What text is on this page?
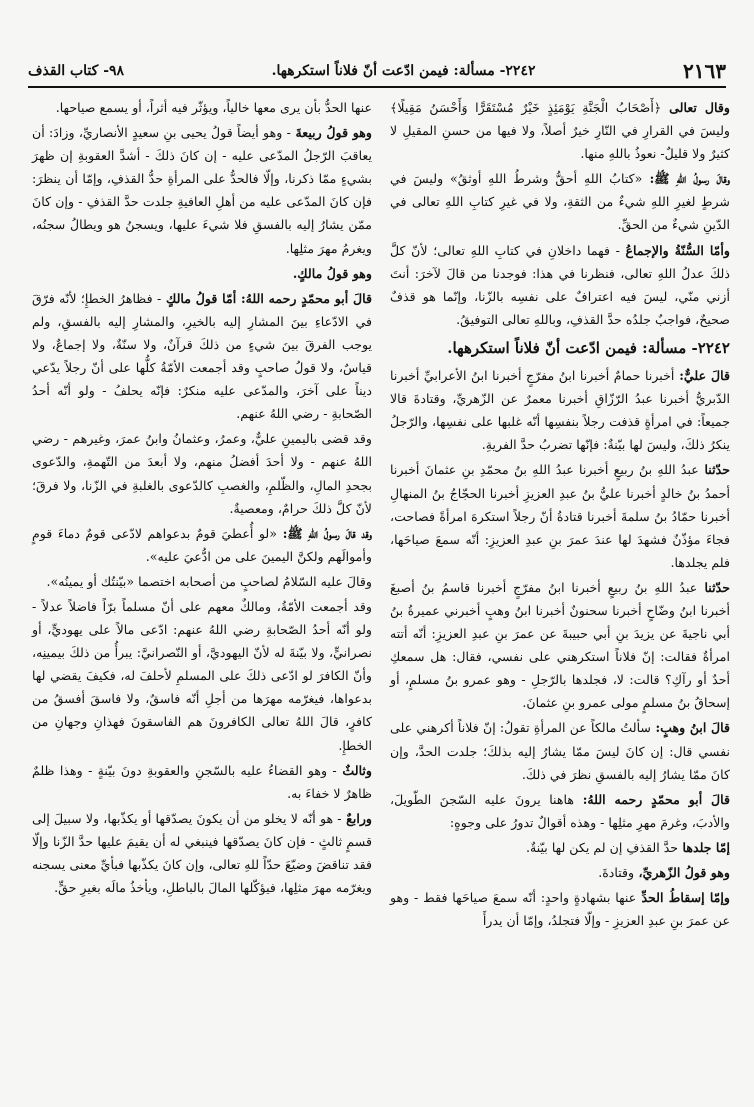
٢١٦٣
٢٢٤٢- مسألة: فيمن ادّعت أنّ فلاناً استكرهها.
٩٨- كتاب القذف

وقال تعالى ﴿أَصْحَابُ الْجَنَّةِ يَوْمَئِذٍ خَيْرٌ مُسْتَقَرًّا وَأَحْسَنُ مَقِيلًا﴾ وليسَ في القرارِ في النّارِ خيرٌ أصلاً، ولا فيها من حسنِ المقيلِ لا كثيرٌ ولا قليلٌ- نعوذُ باللهِ منها.

وقالَ رسولُ اللهِ ﷺ: «كتابُ اللهِ أحقُّ وشرطُ اللهِ أوثقُ» وليسَ في شرطٍ لغيرِ اللهِ شيءٌ من الثقةِ، ولا في غيرِ كتابِ اللهِ تعالى في الدّينِ شيءٌ من الحقِّ.

وأمّا السُّنّةُ والإجماعُ - فهما داخلانِ في كتابِ اللهِ تعالى؛ لأنّ كلَّ ذلكَ عدلُ اللهِ تعالى، فنظرنا في هذا: فوجدنا من قالَ لآخرَ: أنتَ أزني منّي، ليسَ فيه اعترافٌ على نفسِه بالزّنا، وإنّما هو قذفٌ صحيحٌ، فواجبٌ جلدُه حدَّ القذفِ، وباللهِ تعالى التوفيقُ.

٢٢٤٢- مسألة: فيمن ادّعت أنّ فلاناً استكرهها.

قالَ عليٌّ: أخبرنا حمامٌ أخبرنا ابنُ مفرّجٍ أخبرنا ابنُ الأعرابيِّ أخبرنا الدّبريُّ أخبرنا عبدُ الرّزّاقِ أخبرنا معمرٌ عن الزّهريِّ، وقتادةَ قالا جميعاً: في امرأةٍ قذفت رجلاً بنفسِها أنّه غلبها على نفسِها، والرّجلُ ينكرُ ذلكَ، وليسَ لها بيّنةٌ: فإنّها تضربُ حدَّ الفريةِ.

حدّثنا عبدُ اللهِ بنُ ربيعٍ أخبرنا عبدُ اللهِ بنُ محمّدِ بنِ عثمانَ أخبرنا أحمدُ بنُ خالدٍ أخبرنا عليُّ بنُ عبدِ العزيزِ أخبرنا الحجّاجُ بنُ المنهالِ أخبرنا حمّادُ بنُ سلمةَ أخبرنا قتادةُ أنّ رجلاً استكرهَ امرأةً فصاحت، فجاءَ مؤذّنٌ فشهدَ لها عندَ عمرَ بنِ عبدِ العزيزِ: أنّه سمعَ صياحَها، فلم يجلدها.

حدّثنا عبدُ اللهِ بنُ ربيعٍ أخبرنا ابنُ مفرّجٍ أخبرنا قاسمُ بنُ أصبغَ أخبرنا ابنُ وضّاحٍ أخبرنا سحنونٌ أخبرنا ابنُ وهبٍ أخبرني عميرةُ بنُ أبي ناجيةَ عن يزيدَ بنِ أبي حبيبةَ عن عمرَ بنِ عبدِ العزيزِ: أنّه أتته امرأةٌ فقالت: إنّ فلاناً استكرهني على نفسي، فقال: هل سمعكِ أحدٌ أو رآكِ؟ قالت: لا، فجلدها بالرّجلِ - وهو عمرو بنُ مسلمٍ، أو إسحاقُ بنُ مسلمٍ مولى عمرو بنِ عثمانَ.

قالَ ابنُ وهبٍ: سألتُ مالكاً عن المرأةِ تقولُ: إنّ فلاناً أكرهني على نفسي قال: إن كانَ ليسَ ممّا يشارُ إليه بذلكَ؛ جلدت الحدَّ، وإن كانَ ممّا يشارُ إليه بالفسقِ نظرَ في ذلكَ.

قالَ أبو محمّدٍ رحمه اللهُ: هاهنا يرونَ عليه السّجنَ الطّويلَ، والأدبَ، وغرمَ مهرِ مثلِها - وهذه أقوالٌ تدورُ على وجوهٍ:

إمّا جلدها حدَّ القذفِ إن لم يكن لها بيّنةٌ.

وهو قولُ الزّهريِّ، وقتادةَ.

وإمّا إسقاطُ الحدِّ عنها بشهادةٍ واحدٍ: أنّه سمعَ صياحَها فقط - وهو عن عمرَ بنِ عبدِ العزيزِ - وإلّا فتجلدُ، وإمّا أن يدرأَ

عنها الحدُّ بأن يرى معها خالياً، ويؤثّر فيه أثراً، أو يسمع صياحها.

وهو قولُ ربيعةَ - وهو أيضاً قولُ يحيى بنِ سعيدٍ الأنصاريِّ، وزادَ: أن يعاقبَ الرّجلُ المدّعى عليه - إن كانَ ذلكَ - أشدَّ العقوبةِ إن ظهرَ بشيءٍ ممّا ذكرنا، وإلّا فالحدُّ على المرأةِ حدُّ القذفِ، وإمّا أن ينظرَ: فإن كانَ المدّعى عليه من أهلِ العافيةِ جلدت حدَّ القذفِ - وإن كانَ ممّن يشارُ إليه بالفسقِ فلا شيءَ عليها، ويسجنُ هو ويطالُ سجنُه، ويغرمُ مهرَ مثلِها.

وهو قولُ مالكٍ.

قالَ أبو محمّدٍ رحمه اللهُ: أمّا قولُ مالكٍ - فظاهرُ الخطإِ؛ لأنّه فرّقَ في الادّعاءِ بينَ المشارِ إليه بالخيرِ، والمشارِ إليه بالفسقِ، ولم يوجب الفرقَ بينَ شيءٍ من ذلكَ قرآنٌ، ولا سنّةٌ، ولا إجماعٌ، ولا قياسٌ، ولا قولُ صاحبٍ وقد أجمعت الأمّةُ كلُّها على أنّ رجلاً يدّعي ديناً على آخرَ، والمدّعى عليه منكرٌ: فإنّه يحلفُ - ولو أنّه أحدُ الصّحابةِ - رضي اللهُ عنهم.

وقد قضى باليمينِ عليٌّ، وعمرُ، وعثمانُ وابنُ عمرَ، وغيرهم - رضي اللهُ عنهم - ولا أحدَ أفضلُ منهم، ولا أبعدَ من التّهمةِ، والدّعوى بجحدِ المالِ، والظّلمِ، والغصبِ كالدّعوى بالغلبةِ في الزّنا، ولا فرقَ؛ لأنّ كلَّ ذلكَ حرامٌ، ومعصيةٌ.

وقد قالَ رسولُ اللهِ ﷺ: «لو أُعطيَ قومٌ بدعواهم لادّعى قومٌ دماءَ قومٍ وأموالَهم ولكنَّ اليمينَ على من ادُّعيَ عليه».

وقالَ عليه السّلامُ لصاحبٍ من أصحابه اختصما «بيّنتُك أو يمينُه».

وقد أجمعت الأمّةُ، ومالكٌ معهم على أنّ مسلماً برّاً فاضلاً عدلاً - ولو أنّه أحدُ الصّحابةِ رضي اللهُ عنهم: ادّعى مالاً على يهوديٍّ، أو نصرانيٍّ، ولا بيّنةَ له لأنّ اليهوديَّ، أو النّصرانيَّ: يبرأُ من ذلكَ بيمينِه، وأنّ الكافرَ لو ادّعى ذلكَ على المسلمِ لأحلفَ له، فكيفَ يقضي لها بدعواها، فيغرّمه مهرَها من أجلِ أنّه فاسقٌ، ولا فاسقَ أفسقُ من كافرٍ، قالَ اللهُ تعالى الكافرونَ هم الفاسقونَ فهذانِ وجهانِ من الخطإِ.

وثالثٌ - وهو القضاءُ عليه بالسّجنِ والعقوبةِ دونَ بيّنةٍ - وهذا ظلمٌ ظاهرٌ لا خفاءَ به.

ورابعٌ - هو أنّه لا يخلو من أن يكونَ يصدّقها أو يكذّبها، ولا سبيلَ إلى قسمٍ ثالثٍ - فإن كانَ يصدّقها فينبغي له أن يقيمَ عليها حدَّ الزّنا وإلّا فقد تناقضَ وضيّعَ حدّاً للهِ تعالى، وإن كانَ يكذّبها فبأيِّ معنى يسجنه ويغرّمه مهرَ مثلِها، فيؤكّلها المالَ بالباطلِ، ويأخذُ مالَه بغيرِ حقٍّ.
